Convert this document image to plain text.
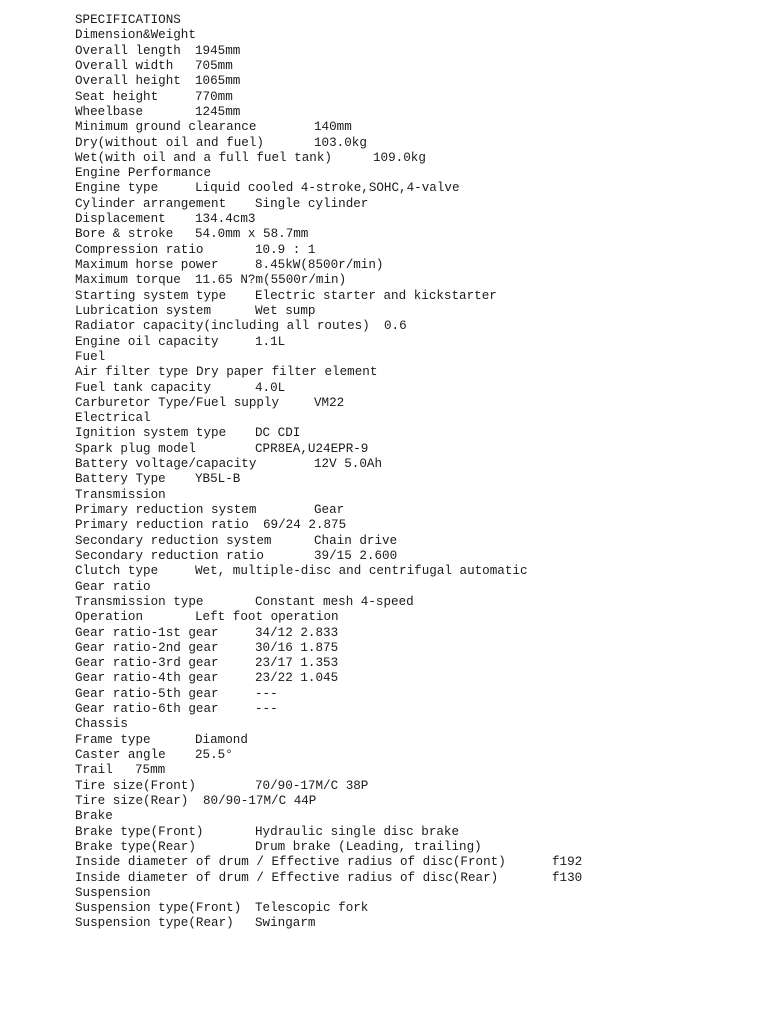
SPECIFICATIONS
Dimension&Weight
Overall length 1945mm
Overall width 705mm
Overall height 1065mm
Seat height	770mm
Wheelbase	1245mm
Minimum ground clearance	140mm
Dry(without oil and fuel)	103.0kg
Wet(with oil and a full fuel tank)	109.0kg
Engine Performance
Engine type	Liquid cooled 4-stroke,SOHC,4-valve
Cylinder arrangement Single cylinder
Displacement 134.4cm3
Bore & stroke 54.0mm x 58.7mm
Compression ratio	10.9 : 1
Maximum horse power	8.45kW(8500r/min)
Maximum torque 11.65 N?m(5500r/min)
Starting system type Electric starter and kickstarter
Lubrication system	Wet sump
Radiator capacity(including all routes) 0.6
Engine oil capacity	1.1L
Fuel
Air filter type Dry paper filter element
Fuel tank capacity	4.0L
Carburetor Type/Fuel supply	VM22
Electrical
Ignition system type DC CDI
Spark plug model	CPR8EA,U24EPR-9
Battery voltage/capacity	12V 5.0Ah
Battery Type YB5L-B
Transmission
Primary reduction system	Gear
Primary reduction ratio 69/24 2.875
Secondary reduction system	Chain drive
Secondary reduction ratio	39/15 2.600
Clutch type	Wet, multiple-disc and centrifugal automatic
Gear ratio
Transmission type	Constant mesh 4-speed
Operation	Left foot operation
Gear ratio-1st gear	34/12 2.833
Gear ratio-2nd gear	30/16 1.875
Gear ratio-3rd gear	23/17 1.353
Gear ratio-4th gear	23/22 1.045
Gear ratio-5th gear	---
Gear ratio-6th gear	---
Chassis
Frame type	Diamond
Caster angle 25.5°
Trail 75mm
Tire size(Front)	70/90-17M/C 38P
Tire size(Rear) 80/90-17M/C 44P
Brake
Brake type(Front)	Hydraulic single disc brake
Brake type(Rear)	Drum brake (Leading, trailing)
Inside diameter of drum / Effective radius of disc(Front)	f192
Inside diameter of drum / Effective radius of disc(Rear)	f130
Suspension
Suspension type(Front) Telescopic fork
Suspension type(Rear) Swingarm
